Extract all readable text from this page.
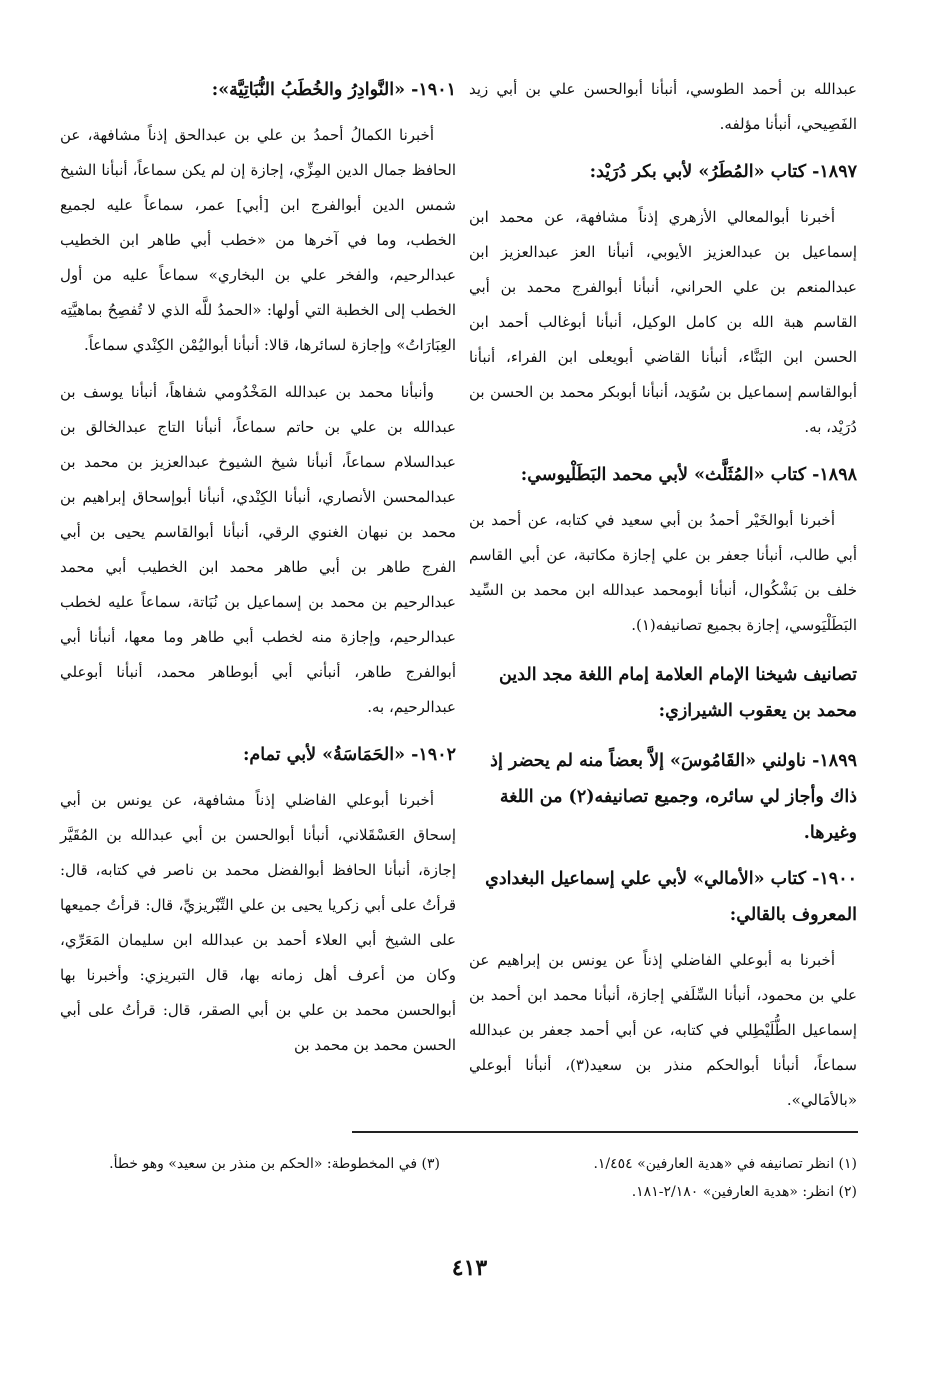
عبدالله بن أحمد الطوسي، أنبأنا أبوالحسن علي بن أبي زيد الفَصِيحي، أنبأنا مؤلفه.

١٨٩٧- كتاب «المُطَرُ» لأبي بكر دُرَيْد:

أخبرنا أبوالمعالي الأزهري إذناً مشافهة، عن محمد ابن إسماعيل بن عبدالعزيز الأيوبي، أنبأنا العز عبدالعزيز ابن عبدالمنعم بن علي الحراني، أنبأنا أبوالفرج محمد بن أبي القاسم هبة الله بن كامل الوكيل، أنبأنا أبوغالب أحمد ابن الحسن ابن البَنَّاء، أنبأنا القاضي أبويعلى ابن الفراء، أنبأنا أبوالقاسم إسماعيل بن سُوَيد، أنبأنا أبوبكر محمد بن الحسن بن دُرَيْد، به.

١٨٩٨- كتاب «المُثَلَّث» لأبي محمد البَطَلْيوسي:

أخبرنا أبوالخَيْر أحمدُ بن أبي سعيد في كتابه، عن أحمد بن أبي طالب، أنبأنا جعفر بن علي إجازة مكاتبة، عن أبي القاسم خلف بن بَشْكُوال، أنبأنا أبومحمد عبدالله ابن محمد بن السِّيد البَطَلْيَوسي، إجازة بجميع تصانيفه(١).

تصانيف شيخنا الإمام العلامة إمام اللغة مجد الدين محمد بن يعقوب الشيرازي:
١٨٩٩- ناولني «القَامُوسَ» إلاَّ بعضاً منه لم يحضر إذ ذاك وأجاز لي سائره، وجميع تصانيفه(٢) من اللغة وغيرها.
١٩٠٠- كتاب «الأمالي» لأبي علي إسماعيل البغدادي المعروف بالقالي:

أخبرنا به أبوعلي الفاضلي إذناً عن يونس بن إبراهيم عن علي بن محمود، أنبأنا السِّلَفي إجازة، أنبأنا محمد ابن أحمد بن إسماعيل الطُّلَيْطِلي في كتابه، عن أبي أحمد جعفر بن عبدالله سماعاً، أنبأنا أبوالحكم منذر بن سعيد(٣)، أنبأنا أبوعلي «بالأمَالي».

١٩٠١- «النَّوادِرُ والخُطَبُ النُّبَاتِيَّة»:

أخبرنا الكمالُ أحمدُ بن علي بن عبدالحق إذناً مشافهة، عن الحافظ جمال الدين المِزِّي، إجازة إن لم يكن سماعاً، أنبأنا الشيخ شمس الدين أبوالفرج ابن [أبي] عمر، سماعاً عليه لجميع الخطب، وما في آخرها من «خطب أبي طاهر ابن الخطيب عبدالرحيم، والفخر علي بن البخاري» سماعاً عليه من أول الخطب إلى الخطبة التي أولها: «الحمدُ للَّه الذي لا تُفصِحُ بماهيَّتِه العِبَارَاتُ» وإجازة لسائرها، قالا: أنبأنا أبواليُمْن الكِنْدي سماعاً.

وأنبأنا محمد بن عبدالله المَخْدُومي شفاهاً، أنبأنا يوسف بن عبدالله بن علي بن حاتم سماعاً، أنبأنا التاج عبدالخالق بن عبدالسلام سماعاً، أنبأنا شيخ الشيوخ عبدالعزيز بن محمد بن عبدالمحسن الأنصاري، أنبأنا الكِنْدي، أنبأنا أبوإسحاق إبراهيم بن محمد بن نبهان الغنوي الرقي، أنبأنا أبوالقاسم يحيى بن أبي الفرج طاهر بن أبي طاهر محمد ابن الخطيب أبي محمد عبدالرحيم بن محمد بن إسماعيل بن نُبَاتة، سماعاً عليه لخطب عبدالرحيم، وإجازة منه لخطب أبي طاهر وما معها، أنبأنا أبي أبوالفرج طاهر، أنبأني أبي أبوطاهر محمد، أنبأنا أبوعلي عبدالرحيم، به.

١٩٠٢- «الحَمَاسَةُ» لأبي تمام:

أخبرنا أبوعلي الفاضلي إذناً مشافهة، عن يونس بن أبي إسحاق العَسْقَلاني، أنبأنا أبوالحسن بن أبي عبدالله بن المُقَيَّر إجازة، أنبأنا الحافظ أبوالفضل محمد بن ناصر في كتابه، قال: قرأتُ على أبي زكريا يحيى بن علي التِّبْريزيِّ، قال: قرأتُ جميعها على الشيخ أبي العلاء أحمد بن عبدالله ابن سليمان المَعَرِّي، وكان من أعرف أهل زمانه بها، قال التبريزي: وأخبرنا بها أبوالحسن محمد بن علي بن أبي الصقر، قال: قرأتُ على أبي الحسن محمد بن محمد بن

(١) انظر تصانيفه في «هدية العارفين» ١/٤٥٤.

(٢) انظر: «هدية العارفين» ٢/١٨٠-١٨١.

(٣) في المخطوطة: «الحكم بن منذر بن سعيد» وهو خطأ.

٤١٣
